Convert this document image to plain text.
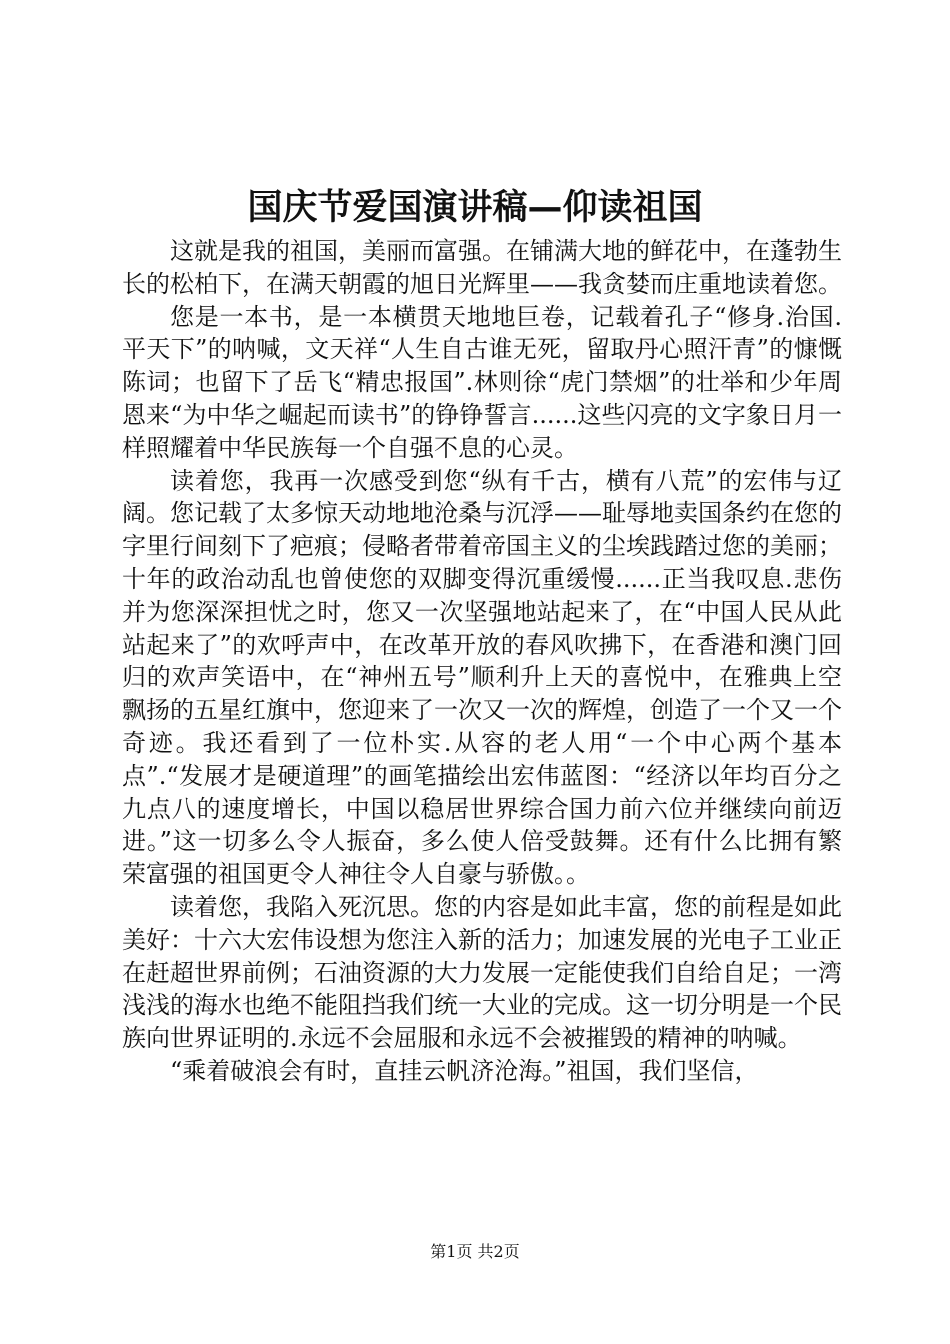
国庆节爱国演讲稿—仰读祖国

这就是我的祖国，美丽而富强。在铺满大地的鲜花中，在蓬勃生长的松柏下，在满天朝霞的旭日光辉里——我贪婪而庄重地读着您。

您是一本书，是一本横贯天地地巨卷，记载着孔子“修身.治国.平天下”的呐喊，文天祥“人生自古谁无死，留取丹心照汗青”的慷慨陈词；也留下了岳飞“精忠报国”.林则徐“虎门禁烟”的壮举和少年周恩来“为中华之崛起而读书”的铮铮誓言......这些闪亮的文字象日月一样照耀着中华民族每一个自强不息的心灵。

读着您，我再一次感受到您“纵有千古，横有八荒”的宏伟与辽阔。您记载了太多惊天动地地沧桑与沉浮——耻辱地卖国条约在您的字里行间刻下了疤痕；侵略者带着帝国主义的尘埃践踏过您的美丽；十年的政治动乱也曾使您的双脚变得沉重缓慢......正当我叹息.悲伤并为您深深担忧之时，您又一次坚强地站起来了，在“中国人民从此站起来了”的欢呼声中，在改革开放的春风吹拂下，在香港和澳门回归的欢声笑语中，在“神州五号”顺利升上天的喜悦中，在雅典上空飘扬的五星红旗中，您迎来了一次又一次的辉煌，创造了一个又一个奇迹。我还看到了一位朴实.从容的老人用“一个中心两个基本点”.“发展才是硬道理”的画笔描绘出宏伟蓝图：“经济以年均百分之九点八的速度增长，中国以稳居世界综合国力前六位并继续向前迈进。”这一切多么令人振奋，多么使人倍受鼓舞。还有什么比拥有繁荣富强的祖国更令人神往令人自豪与骄傲。。

读着您，我陷入死沉思。您的内容是如此丰富，您的前程是如此美好：十六大宏伟设想为您注入新的活力；加速发展的光电子工业正在赶超世界前例；石油资源的大力发展一定能使我们自给自足；一湾浅浅的海水也绝不能阻挡我们统一大业的完成。这一切分明是一个民族向世界证明的.永远不会屈服和永远不会被摧毁的精神的呐喊。

“乘着破浪会有时，直挂云帆济沧海。”祖国，我们坚信，

第1页 共2页
